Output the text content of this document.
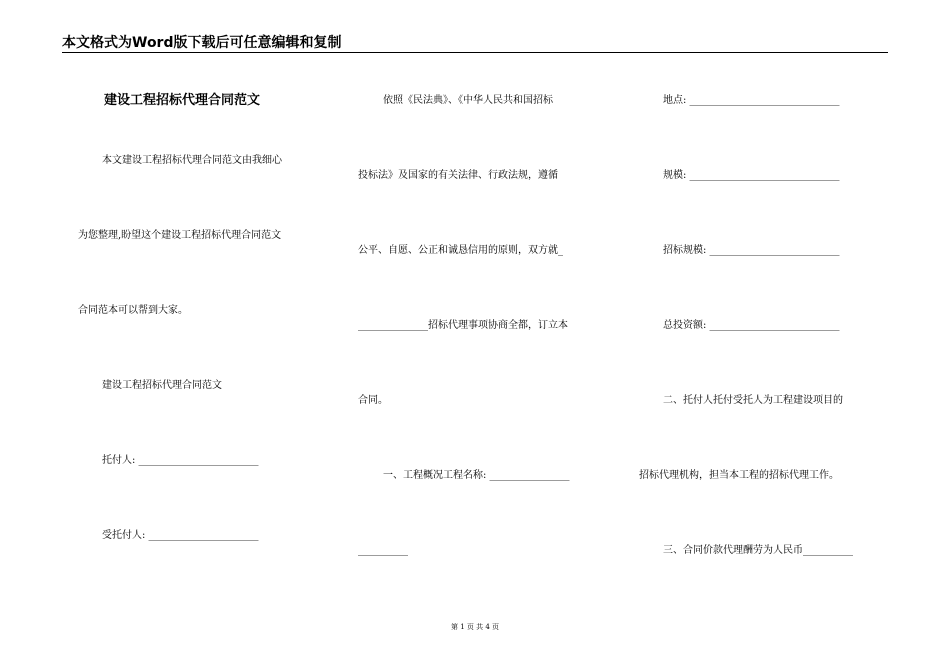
本文格式为Word版下载后可任意编辑和复制
建设工程招标代理合同范文
本文建设工程招标代理合同范文由我细心
为您整理,盼望这个建设工程招标代理合同范文
合同范本可以帮到大家。
建设工程招标代理合同范文
托付人: ________________________
受托付人: ______________________
依照《民法典》、《中华人民共和国招标
投标法》及国家的有关法律、行政法规，遵循
公平、自愿、公正和诚恳信用的原则，双方就_
______________招标代理事项协商全都，订立本
合同。
一、工程概况工程名称: ________________
__________
地点: ______________________________
规模: ______________________________
招标规模: __________________________
总投资额: __________________________
二、托付人托付受托人为工程建设项目的
招标代理机构，担当本工程的招标代理工作。
三、合同价款代理酬劳为人民币__________
第 1 页 共 4 页
